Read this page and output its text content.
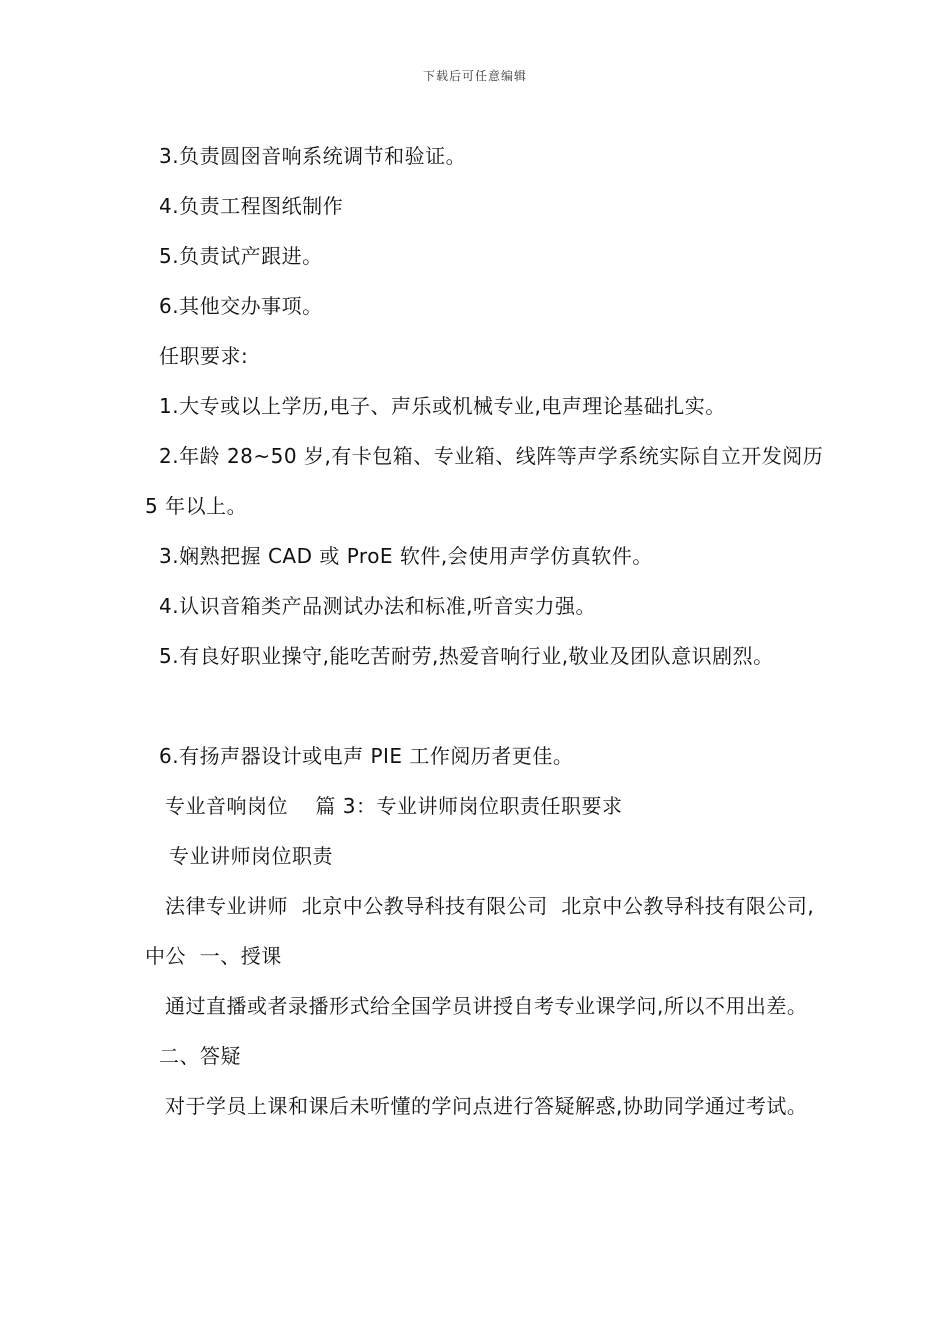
下载后可任意编辑

3.负责圆囹音响系统调节和验证。

4.负责工程图纸制作

5.负责试产跟进。

6.其他交办事项。

任职要求:

1.大专或以上学历,电子、声乐或机械专业,电声理论基础扎实。

2.年龄 28~50 岁,有卡包箱、专业箱、线阵等声学系统实际自立开发阅历 5 年以上。

3.娴熟把握 CAD 或 ProE 软件,会使用声学仿真软件。

4.认识音箱类产品测试办法和标准,听音实力强。

5.有良好职业操守,能吃苦耐劳,热爱音响行业,敬业及团队意识剧烈。

6.有扬声器设计或电声 PIE 工作阅历者更佳。

专业音响岗位    篇 3：专业讲师岗位职责任职要求

专业讲师岗位职责

法律专业讲师  北京中公教导科技有限公司  北京中公教导科技有限公司,中公  一、授课

通过直播或者录播形式给全国学员讲授自考专业课学问,所以不用出差。

二、答疑

对于学员上课和课后未听懂的学问点进行答疑解惑,协助同学通过考试。
